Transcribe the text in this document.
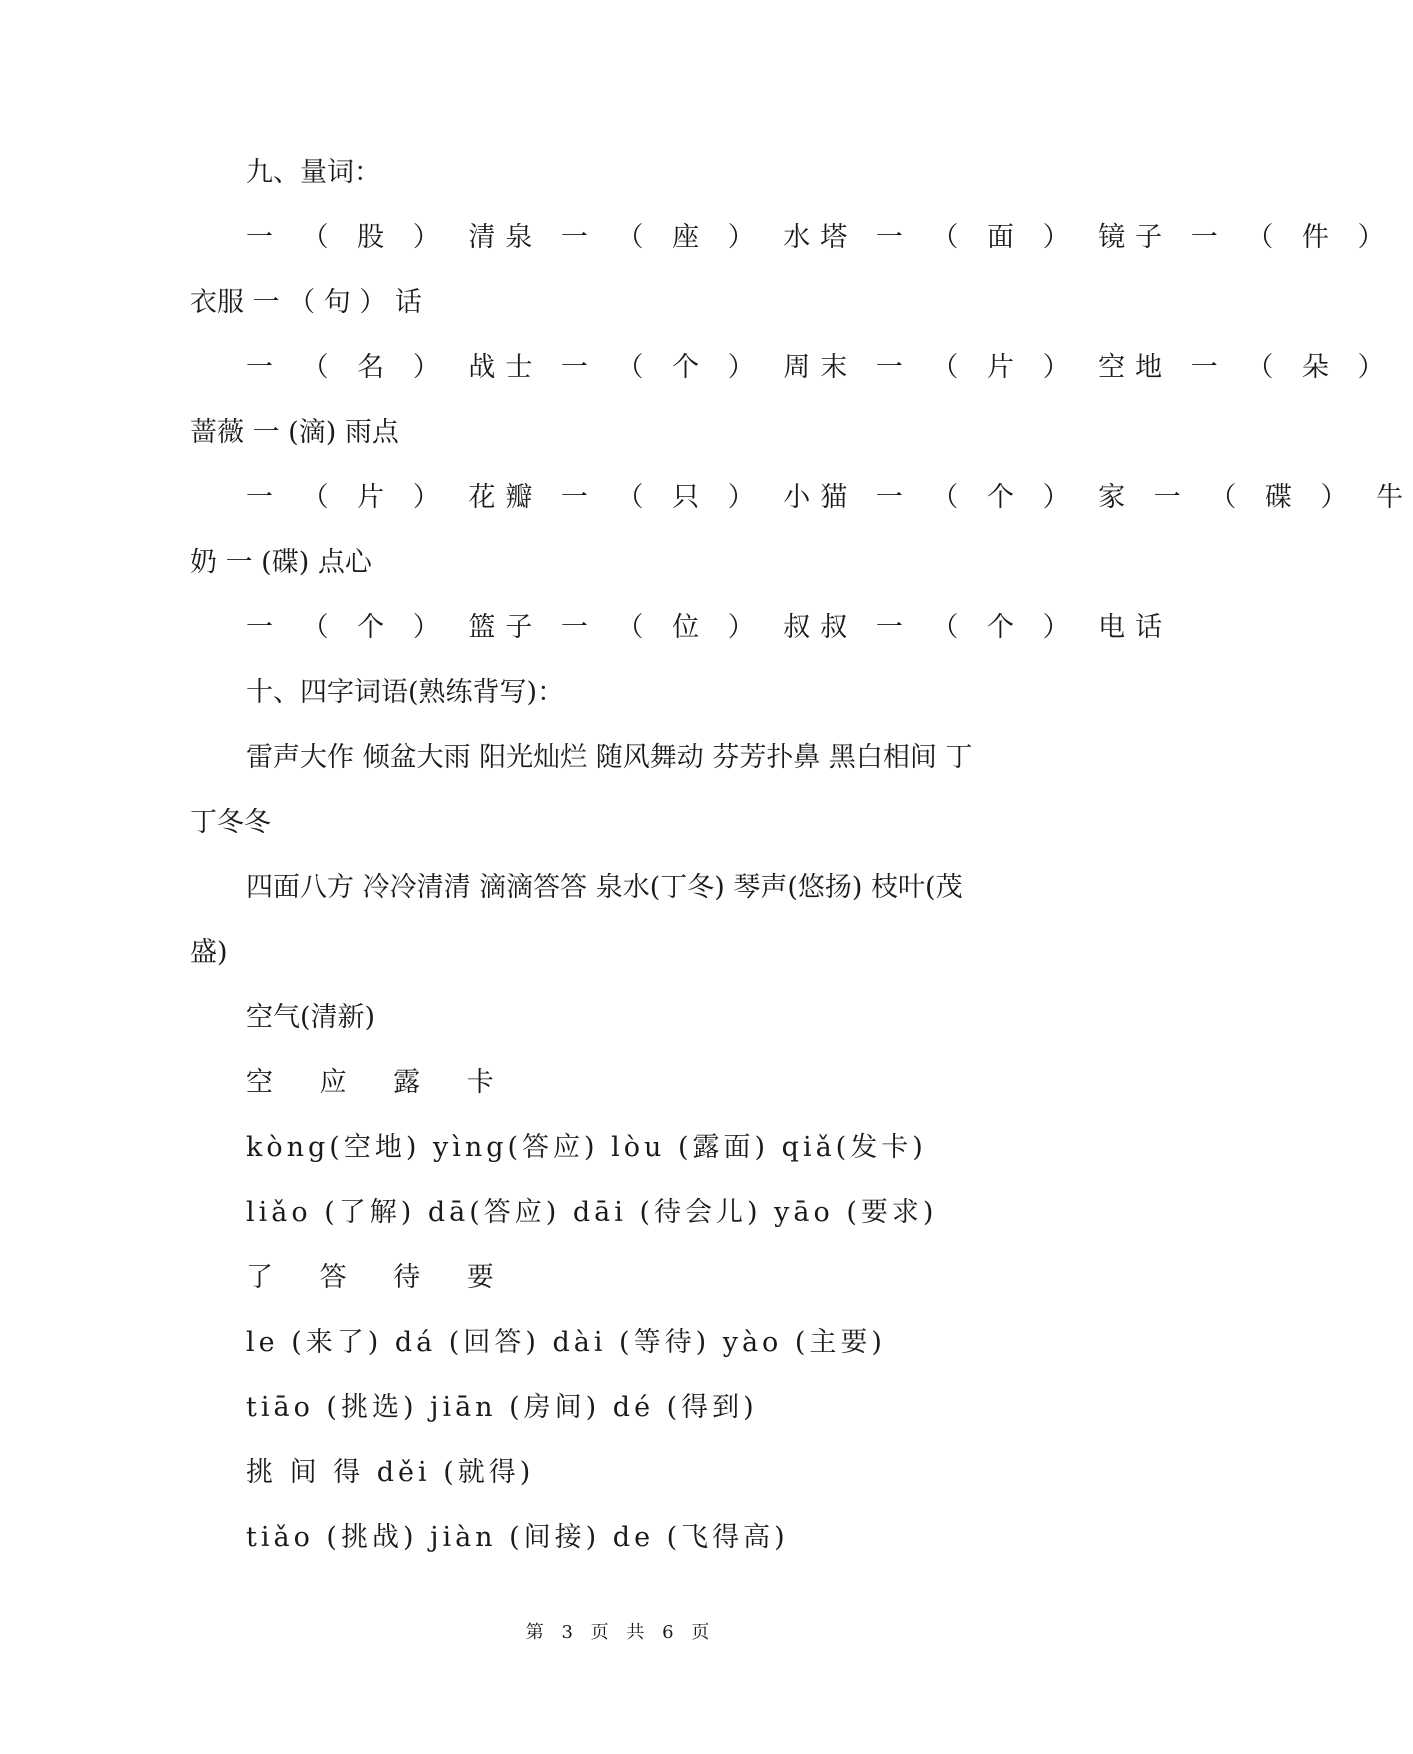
九、量词：
一 （ 股 ） 清泉 一 （ 座 ） 水塔 一 （ 面 ） 镜子 一 （ 件 ）
衣服 一 （ 句 ） 话
一 （ 名 ） 战士 一 （ 个 ） 周末 一 （ 片 ） 空地 一 （ 朵 ）
蔷薇 一 (滴) 雨点
一 （ 片 ） 花瓣 一 （ 只 ） 小猫 一 （ 个 ） 家 一 （ 碟 ） 牛
奶 一 (碟) 点心
一 （ 个 ） 篮子 一 （ 位 ） 叔叔 一 （ 个 ） 电话
十、四字词语(熟练背写)：
雷声大作 倾盆大雨 阳光灿烂 随风舞动 芬芳扑鼻 黑白相间 丁
丁冬冬
四面八方 冷冷清清 滴滴答答 泉水(丁冬) 琴声(悠扬) 枝叶(茂
盛)
空气(清新)
空 应 露 卡
kòng(空地) yìng(答应) lòu (露面) qiǎ(发卡)
liǎo (了解) dā(答应) dāi (待会儿) yāo (要求)
了 答 待 要
le (来了) dá (回答) dài (等待) yào (主要)
tiāo (挑选) jiān (房间) dé (得到)
挑 间 得 děi (就得)
tiǎo (挑战) jiàn (间接) de (飞得高)
第 3 页 共 6 页
